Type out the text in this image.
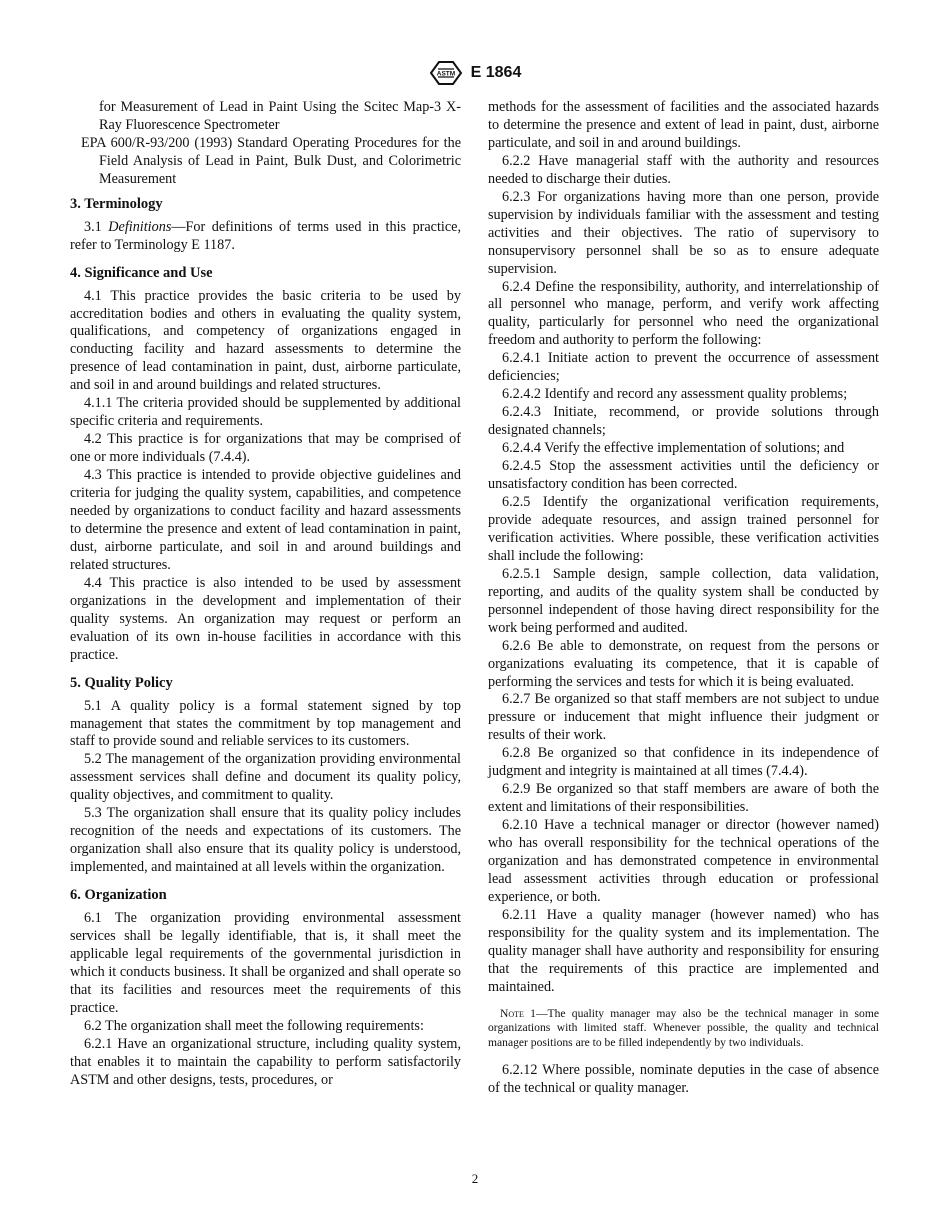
ASTM E 1864

for Measurement of Lead in Paint Using the Scitec Map-3 X-Ray Fluorescence Spectrometer

EPA 600/R-93/200 (1993) Standard Operating Procedures for the Field Analysis of Lead in Paint, Bulk Dust, and Colorimetric Measurement

3. Terminology

3.1 Definitions—For definitions of terms used in this practice, refer to Terminology E 1187.

4. Significance and Use

4.1 This practice provides the basic criteria to be used by accreditation bodies and others in evaluating the quality system, qualifications, and competency of organizations engaged in conducting facility and hazard assessments to determine the presence of lead contamination in paint, dust, airborne particulate, and soil in and around buildings and related structures.

4.1.1 The criteria provided should be supplemented by additional specific criteria and requirements.

4.2 This practice is for organizations that may be comprised of one or more individuals (7.4.4).

4.3 This practice is intended to provide objective guidelines and criteria for judging the quality system, capabilities, and competence needed by organizations to conduct facility and hazard assessments to determine the presence and extent of lead contamination in paint, dust, airborne particulate, and soil in and around buildings and related structures.

4.4 This practice is also intended to be used by assessment organizations in the development and implementation of their quality systems. An organization may request or perform an evaluation of its own in-house facilities in accordance with this practice.

5. Quality Policy

5.1 A quality policy is a formal statement signed by top management that states the commitment by top management and staff to provide sound and reliable services to its customers.

5.2 The management of the organization providing environmental assessment services shall define and document its quality policy, quality objectives, and commitment to quality.

5.3 The organization shall ensure that its quality policy includes recognition of the needs and expectations of its customers. The organization shall also ensure that its quality policy is understood, implemented, and maintained at all levels within the organization.

6. Organization

6.1 The organization providing environmental assessment services shall be legally identifiable, that is, it shall meet the applicable legal requirements of the governmental jurisdiction in which it conducts business. It shall be organized and shall operate so that its facilities and resources meet the requirements of this practice.

6.2 The organization shall meet the following requirements:

6.2.1 Have an organizational structure, including quality system, that enables it to maintain the capability to perform satisfactorily ASTM and other designs, tests, procedures, or

methods for the assessment of facilities and the associated hazards to determine the presence and extent of lead in paint, dust, airborne particulate, and soil in and around buildings.

6.2.2 Have managerial staff with the authority and resources needed to discharge their duties.

6.2.3 For organizations having more than one person, provide supervision by individuals familiar with the assessment and testing activities and their objectives. The ratio of supervisory to nonsupervisory personnel shall be so as to ensure adequate supervision.

6.2.4 Define the responsibility, authority, and interrelationship of all personnel who manage, perform, and verify work affecting quality, particularly for personnel who need the organizational freedom and authority to perform the following:

6.2.4.1 Initiate action to prevent the occurrence of assessment deficiencies;

6.2.4.2 Identify and record any assessment quality problems;

6.2.4.3 Initiate, recommend, or provide solutions through designated channels;

6.2.4.4 Verify the effective implementation of solutions; and

6.2.4.5 Stop the assessment activities until the deficiency or unsatisfactory condition has been corrected.

6.2.5 Identify the organizational verification requirements, provide adequate resources, and assign trained personnel for verification activities. Where possible, these verification activities shall include the following:

6.2.5.1 Sample design, sample collection, data validation, reporting, and audits of the quality system shall be conducted by personnel independent of those having direct responsibility for the work being performed and audited.

6.2.6 Be able to demonstrate, on request from the persons or organizations evaluating its competence, that it is capable of performing the services and tests for which it is being evaluated.

6.2.7 Be organized so that staff members are not subject to undue pressure or inducement that might influence their judgment or results of their work.

6.2.8 Be organized so that confidence in its independence of judgment and integrity is maintained at all times (7.4.4).

6.2.9 Be organized so that staff members are aware of both the extent and limitations of their responsibilities.

6.2.10 Have a technical manager or director (however named) who has overall responsibility for the technical operations of the organization and has demonstrated competence in environmental lead assessment activities through education or professional experience, or both.

6.2.11 Have a quality manager (however named) who has responsibility for the quality system and its implementation. The quality manager shall have authority and responsibility for ensuring that the requirements of this practice are implemented and maintained.

Note 1—The quality manager may also be the technical manager in some organizations with limited staff. Whenever possible, the quality and technical manager positions are to be filled independently by two individuals.

6.2.12 Where possible, nominate deputies in the case of absence of the technical or quality manager.

2
